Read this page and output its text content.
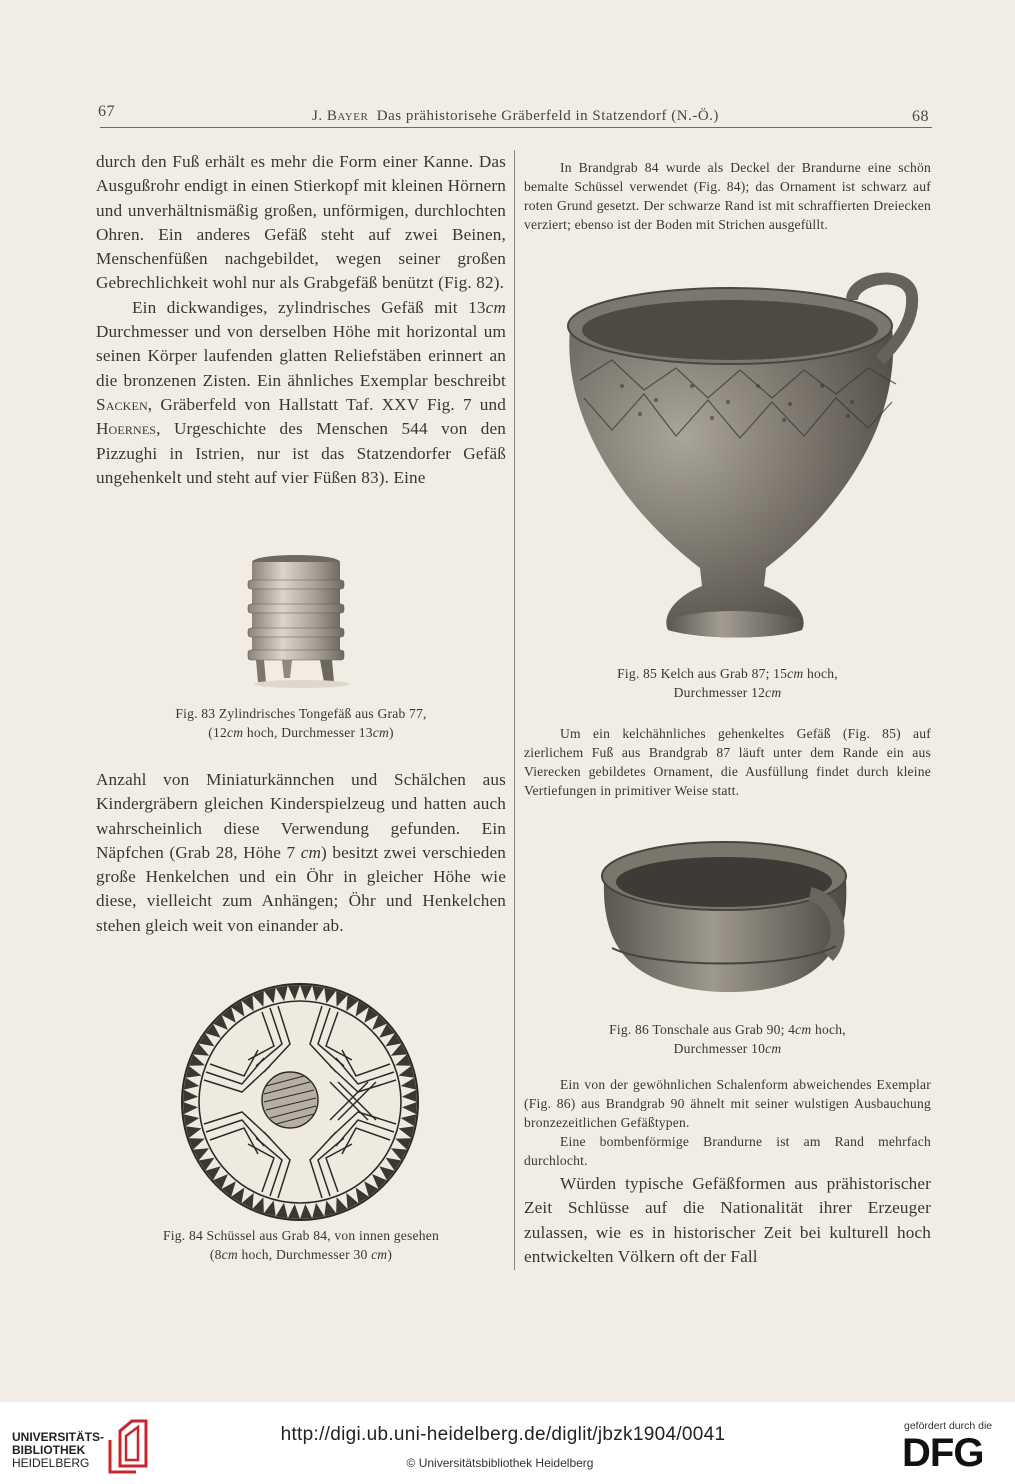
67	J. Bayer Das prähistorisehe Gräberfeld in Statzendorf (N.-Ö.)	68

durch den Fuß erhält es mehr die Form einer Kanne. Das Ausgußrohr endigt in einen Stierkopf mit kleinen Hörnern und unverhältnismäßig großen, unförmigen, durchlochten Ohren. Ein anderes Gefäß steht auf zwei Beinen, Menschenfüßen nachgebildet, wegen seiner großen Gebrechlichkeit wohl nur als Grabgefäß benützt (Fig. 82).

Ein dickwandiges, zylindrisches Gefäß mit 13cm Durchmesser und von derselben Höhe mit horizontal um seinen Körper laufenden glatten Reliefstäben erinnert an die bronzenen Zisten. Ein ähnliches Exemplar beschreibt Sacken, Gräberfeld von Hallstatt Taf. XXV Fig. 7 und Hoernes, Urgeschichte des Menschen 544 von den Pizzughi in Istrien, nur ist das Statzendorfer Gefäß ungehenkelt und steht auf vier Füßen 83). Eine

Fig. 83 Zylindrisches Tongefäß aus Grab 77,
(12cm hoch, Durchmesser 13cm)

Anzahl von Miniaturkännchen und Schälchen aus Kindergräbern gleichen Kinderspielzeug und hatten auch wahrscheinlich diese Verwendung gefunden. Ein Näpfchen (Grab 28, Höhe 7 cm) besitzt zwei verschieden große Henkelchen und ein Öhr in gleicher Höhe wie diese, vielleicht zum Anhängen; Öhr und Henkelchen stehen gleich weit von einander ab.

Fig. 84 Schüssel aus Grab 84, von innen gesehen
(8cm hoch, Durchmesser 30 cm)

In Brandgrab 84 wurde als Deckel der Brandurne eine schön bemalte Schüssel verwendet (Fig. 84); das Ornament ist schwarz auf roten Grund gesetzt. Der schwarze Rand ist mit schraffierten Dreiecken verziert; ebenso ist der Boden mit Strichen ausgefüllt.

Fig. 85 Kelch aus Grab 87; 15cm hoch,
Durchmesser 12cm

Um ein kelchähnliches gehenkeltes Gefäß (Fig. 85) auf zierlichem Fuß aus Brandgrab 87 läuft unter dem Rande ein aus Vierecken gebildetes Ornament, die Ausfüllung findet durch kleine Vertiefungen in primitiver Weise statt.

Fig. 86 Tonschale aus Grab 90; 4cm hoch,
Durchmesser 10cm

Ein von der gewöhnlichen Schalenform abweichendes Exemplar (Fig. 86) aus Brandgrab 90 ähnelt mit seiner wulstigen Ausbauchung bronzezeitlichen Gefäßtypen.

Eine bombenförmige Brandurne ist am Rand mehrfach durchlocht.

Würden typische Gefäßformen aus prähistorischer Zeit Schlüsse auf die Nationalität ihrer Erzeuger zulassen, wie es in historischer Zeit bei kulturell hoch entwickelten Völkern oft der Fall

UNIVERSITÄTS-
BIBLIOTHEK
HEIDELBERG
http://digi.ub.uni-heidelberg.de/diglit/jbzk1904/0041
© Universitätsbibliothek Heidelberg
gefördert durch die
DFG
